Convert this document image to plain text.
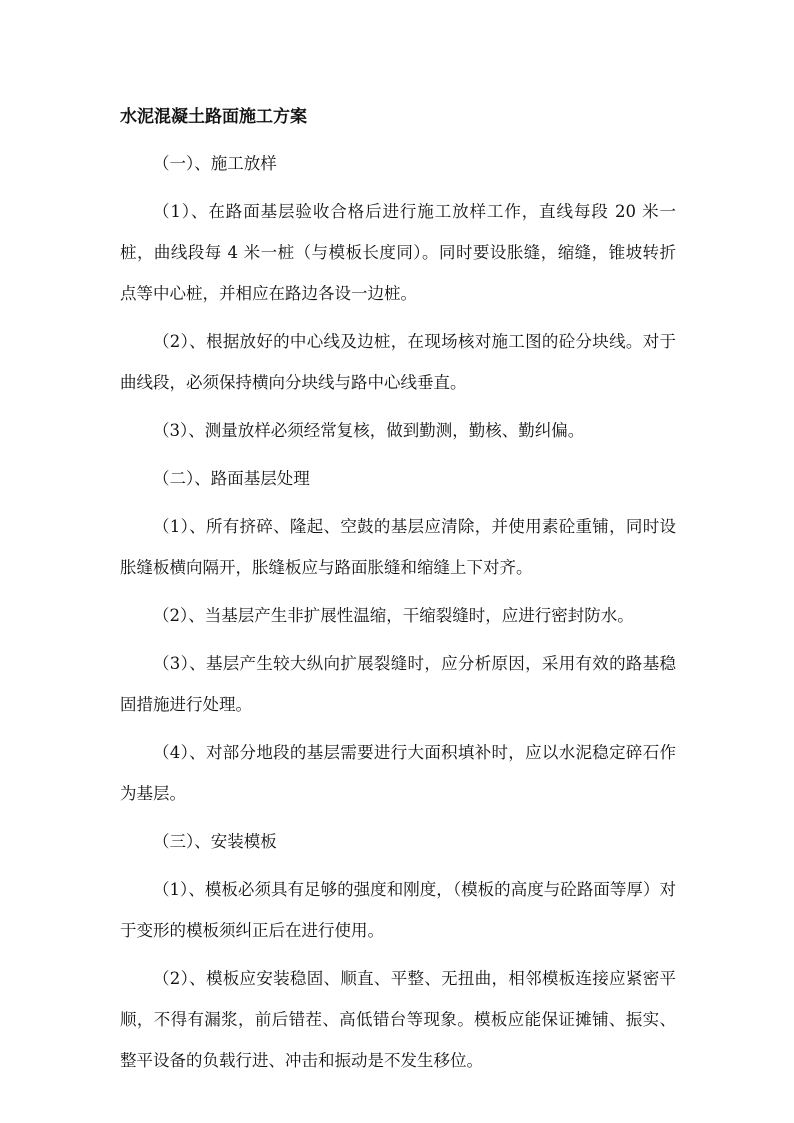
水泥混凝土路面施工方案

（一）、施工放样

（1）、在路面基层验收合格后进行施工放样工作，直线每段 20 米一桩，曲线段每 4 米一桩（与模板长度同）。同时要设胀缝，缩缝，锥坡转折点等中心桩，并相应在路边各设一边桩。

（2）、根据放好的中心线及边桩，在现场核对施工图的砼分块线。对于曲线段，必须保持横向分块线与路中心线垂直。

（3）、测量放样必须经常复核，做到勤测，勤核、勤纠偏。

（二）、路面基层处理

（1）、所有挤碎、隆起、空鼓的基层应清除，并使用素砼重铺，同时设胀缝板横向隔开，胀缝板应与路面胀缝和缩缝上下对齐。

（2）、当基层产生非扩展性温缩，干缩裂缝时，应进行密封防水。

（3）、基层产生较大纵向扩展裂缝时，应分析原因，采用有效的路基稳固措施进行处理。

（4）、对部分地段的基层需要进行大面积填补时，应以水泥稳定碎石作为基层。

（三）、安装模板

（1）、模板必须具有足够的强度和刚度，（模板的高度与砼路面等厚）对于变形的模板须纠正后在进行使用。

（2）、模板应安装稳固、顺直、平整、无扭曲，相邻模板连接应紧密平顺，不得有漏浆，前后错茬、高低错台等现象。模板应能保证摊铺、振实、整平设备的负载行进、冲击和振动是不发生移位。
